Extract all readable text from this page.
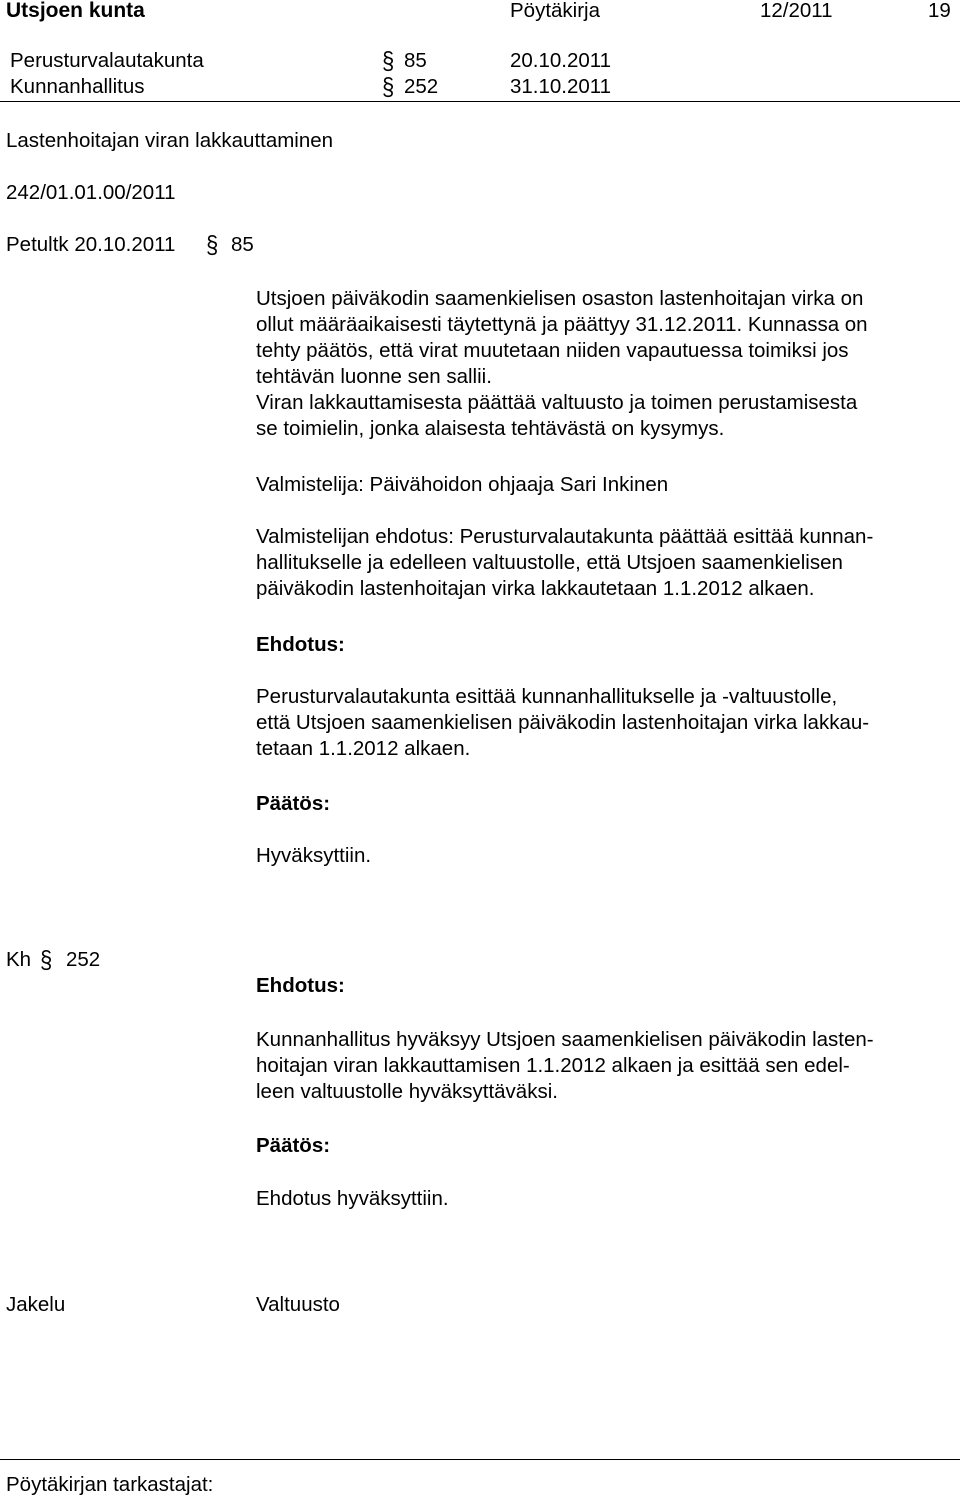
Utsjoen kunta	Pöytäkirja	12/2011	19
Perusturvalautakunta	§ 85	20.10.2011
Kunnanhallitus	§ 252	31.10.2011
Lastenhoitajan viran lakkauttaminen
242/01.01.00/2011
Petultk 20.10.2011 § 85
Utsjoen päiväkodin saamenkielisen osaston lastenhoitajan virka on
ollut määräaikaisesti täytettynä ja päättyy 31.12.2011. Kunnassa on
tehty päätös, että virat muutetaan niiden vapautuessa toimiksi jos
tehtävän luonne sen sallii.
Viran lakkauttamisesta päättää valtuusto ja toimen perustamisesta
se toimielin, jonka alaisesta tehtävästä on kysymys.
Valmistelija: Päivähoidon ohjaaja Sari Inkinen
Valmistelijan ehdotus: Perusturvalautakunta päättää esittää kunnan-
hallitukselle ja edelleen valtuustolle, että Utsjoen saamenkielisen
päiväkodin lastenhoitajan virka lakkautetaan 1.1.2012 alkaen.
Ehdotus:
Perusturvalautakunta esittää kunnanhallitukselle ja -valtuustolle,
että Utsjoen saamenkielisen päiväkodin lastenhoitajan virka lakkau-
tetaan 1.1.2012 alkaen.
Päätös:
Hyväksyttiin.
Kh § 252
Ehdotus:
Kunnanhallitus hyväksyy Utsjoen saamenkielisen päiväkodin lasten-
hoitajan viran lakkauttamisen 1.1.2012 alkaen ja esittää sen edel-
leen valtuustolle hyväksyttäväksi.
Päätös:
Ehdotus hyväksyttiin.
Jakelu	Valtuusto
Pöytäkirjan tarkastajat:
